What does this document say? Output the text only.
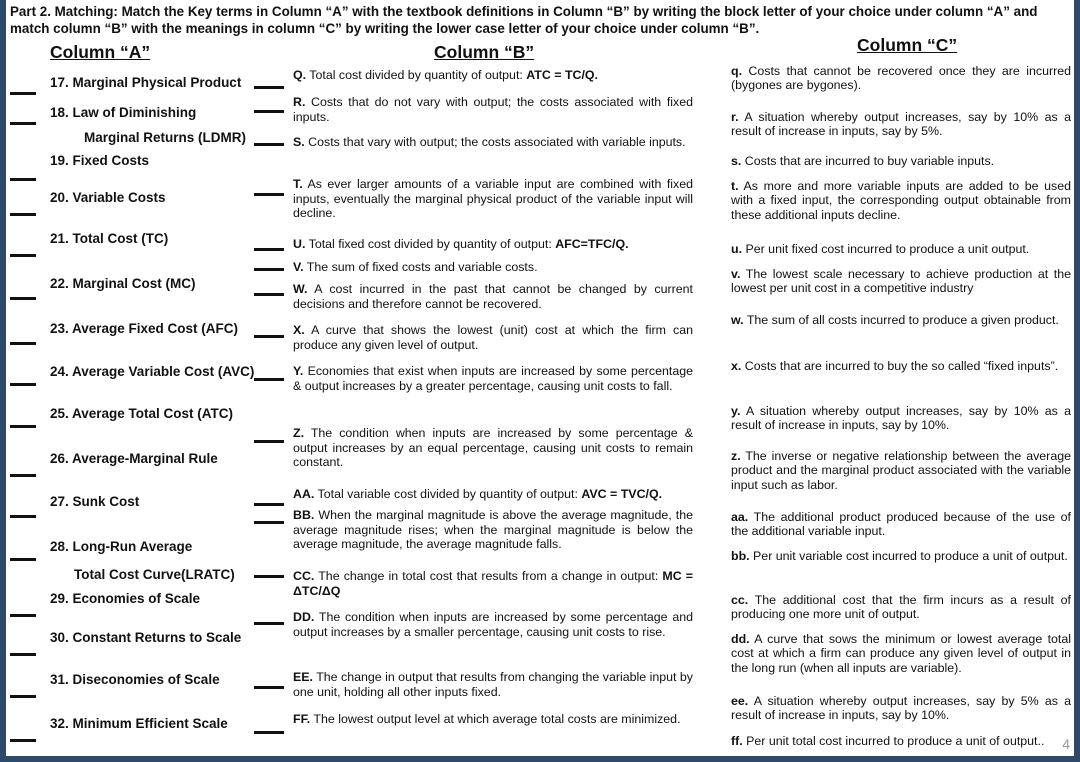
Part 2. Matching: Match the Key terms in Column “A” with the textbook definitions in Column “B” by writing the block letter of your choice under column “A” and match column “B” with the meanings in column “C” by writing the lower case letter of your choice under column “B”.
Column “A”	Column “B”	Column “C”
17. Marginal Physical Product
18. Law of Diminishing
Marginal Returns (LDMR)
19. Fixed Costs
20. Variable Costs
21. Total Cost (TC)
22. Marginal Cost (MC)
23. Average Fixed Cost (AFC)
24. Average Variable Cost (AVC)
25. Average Total Cost (ATC)
26. Average-Marginal Rule
27. Sunk Cost
28. Long-Run Average
Total Cost Curve(LRATC)
29. Economies of Scale
30. Constant Returns to Scale
31. Diseconomies of Scale
32. Minimum Efficient Scale
Q. Total cost divided by quantity of output: ATC = TC/Q.
R. Costs that do not vary with output; the costs associated with fixed inputs.
S. Costs that vary with output; the costs associated with variable inputs.
T. As ever larger amounts of a variable input are combined with fixed inputs, eventually the marginal physical product of the variable input will decline.
U. Total fixed cost divided by quantity of output: AFC=TFC/Q.
V. The sum of fixed costs and variable costs.
W. A cost incurred in the past that cannot be changed by current decisions and therefore cannot be recovered.
X. A curve that shows the lowest (unit) cost at which the firm can produce any given level of output.
Y. Economies that exist when inputs are increased by some percentage & output increases by a greater percentage, causing unit costs to fall.
Z. The condition when inputs are increased by some percentage & output increases by an equal percentage, causing unit costs to remain constant.
AA. Total variable cost divided by quantity of output: AVC = TVC/Q.
BB. When the marginal magnitude is above the average magnitude, the average magnitude rises; when the marginal magnitude is below the average magnitude, the average magnitude falls.
CC. The change in total cost that results from a change in output: MC = ΔTC/ΔQ
DD. The condition when inputs are increased by some percentage and output increases by a smaller percentage, causing unit costs to rise.
EE. The change in output that results from changing the variable input by one unit, holding all other inputs fixed.
FF. The lowest output level at which average total costs are minimized.
q. Costs that cannot be recovered once they are incurred (bygones are bygones).
r. A situation whereby output increases, say by 10% as a result of increase in inputs, say by 5%.
s. Costs that are incurred to buy variable inputs.
t. As more and more variable inputs are added to be used with a fixed input, the corresponding output obtainable from these additional inputs decline.
u. Per unit fixed cost incurred to produce a unit output.
v. The lowest scale necessary to achieve production at the lowest per unit cost in a competitive industry
w. The sum of all costs incurred to produce a given product.
x. Costs that are incurred to buy the so called “fixed inputs”.
y. A situation whereby output increases, say by 10% as a result of increase in inputs, say by 10%.
z. The inverse or negative relationship between the average product and the marginal product associated with the variable input such as labor.
aa. The additional product produced because of the use of the additional variable input.
bb. Per unit variable cost incurred to produce a unit of output.
cc. The additional cost that the firm incurs as a result of producing one more unit of output.
dd. A curve that sows the minimum or lowest average total cost at which a firm can produce any given level of output in the long run (when all inputs are variable).
ee. A situation whereby output increases, say by 5% as a result of increase in inputs, say by 10%.
ff. Per unit total cost incurred to produce a unit of output..	4
